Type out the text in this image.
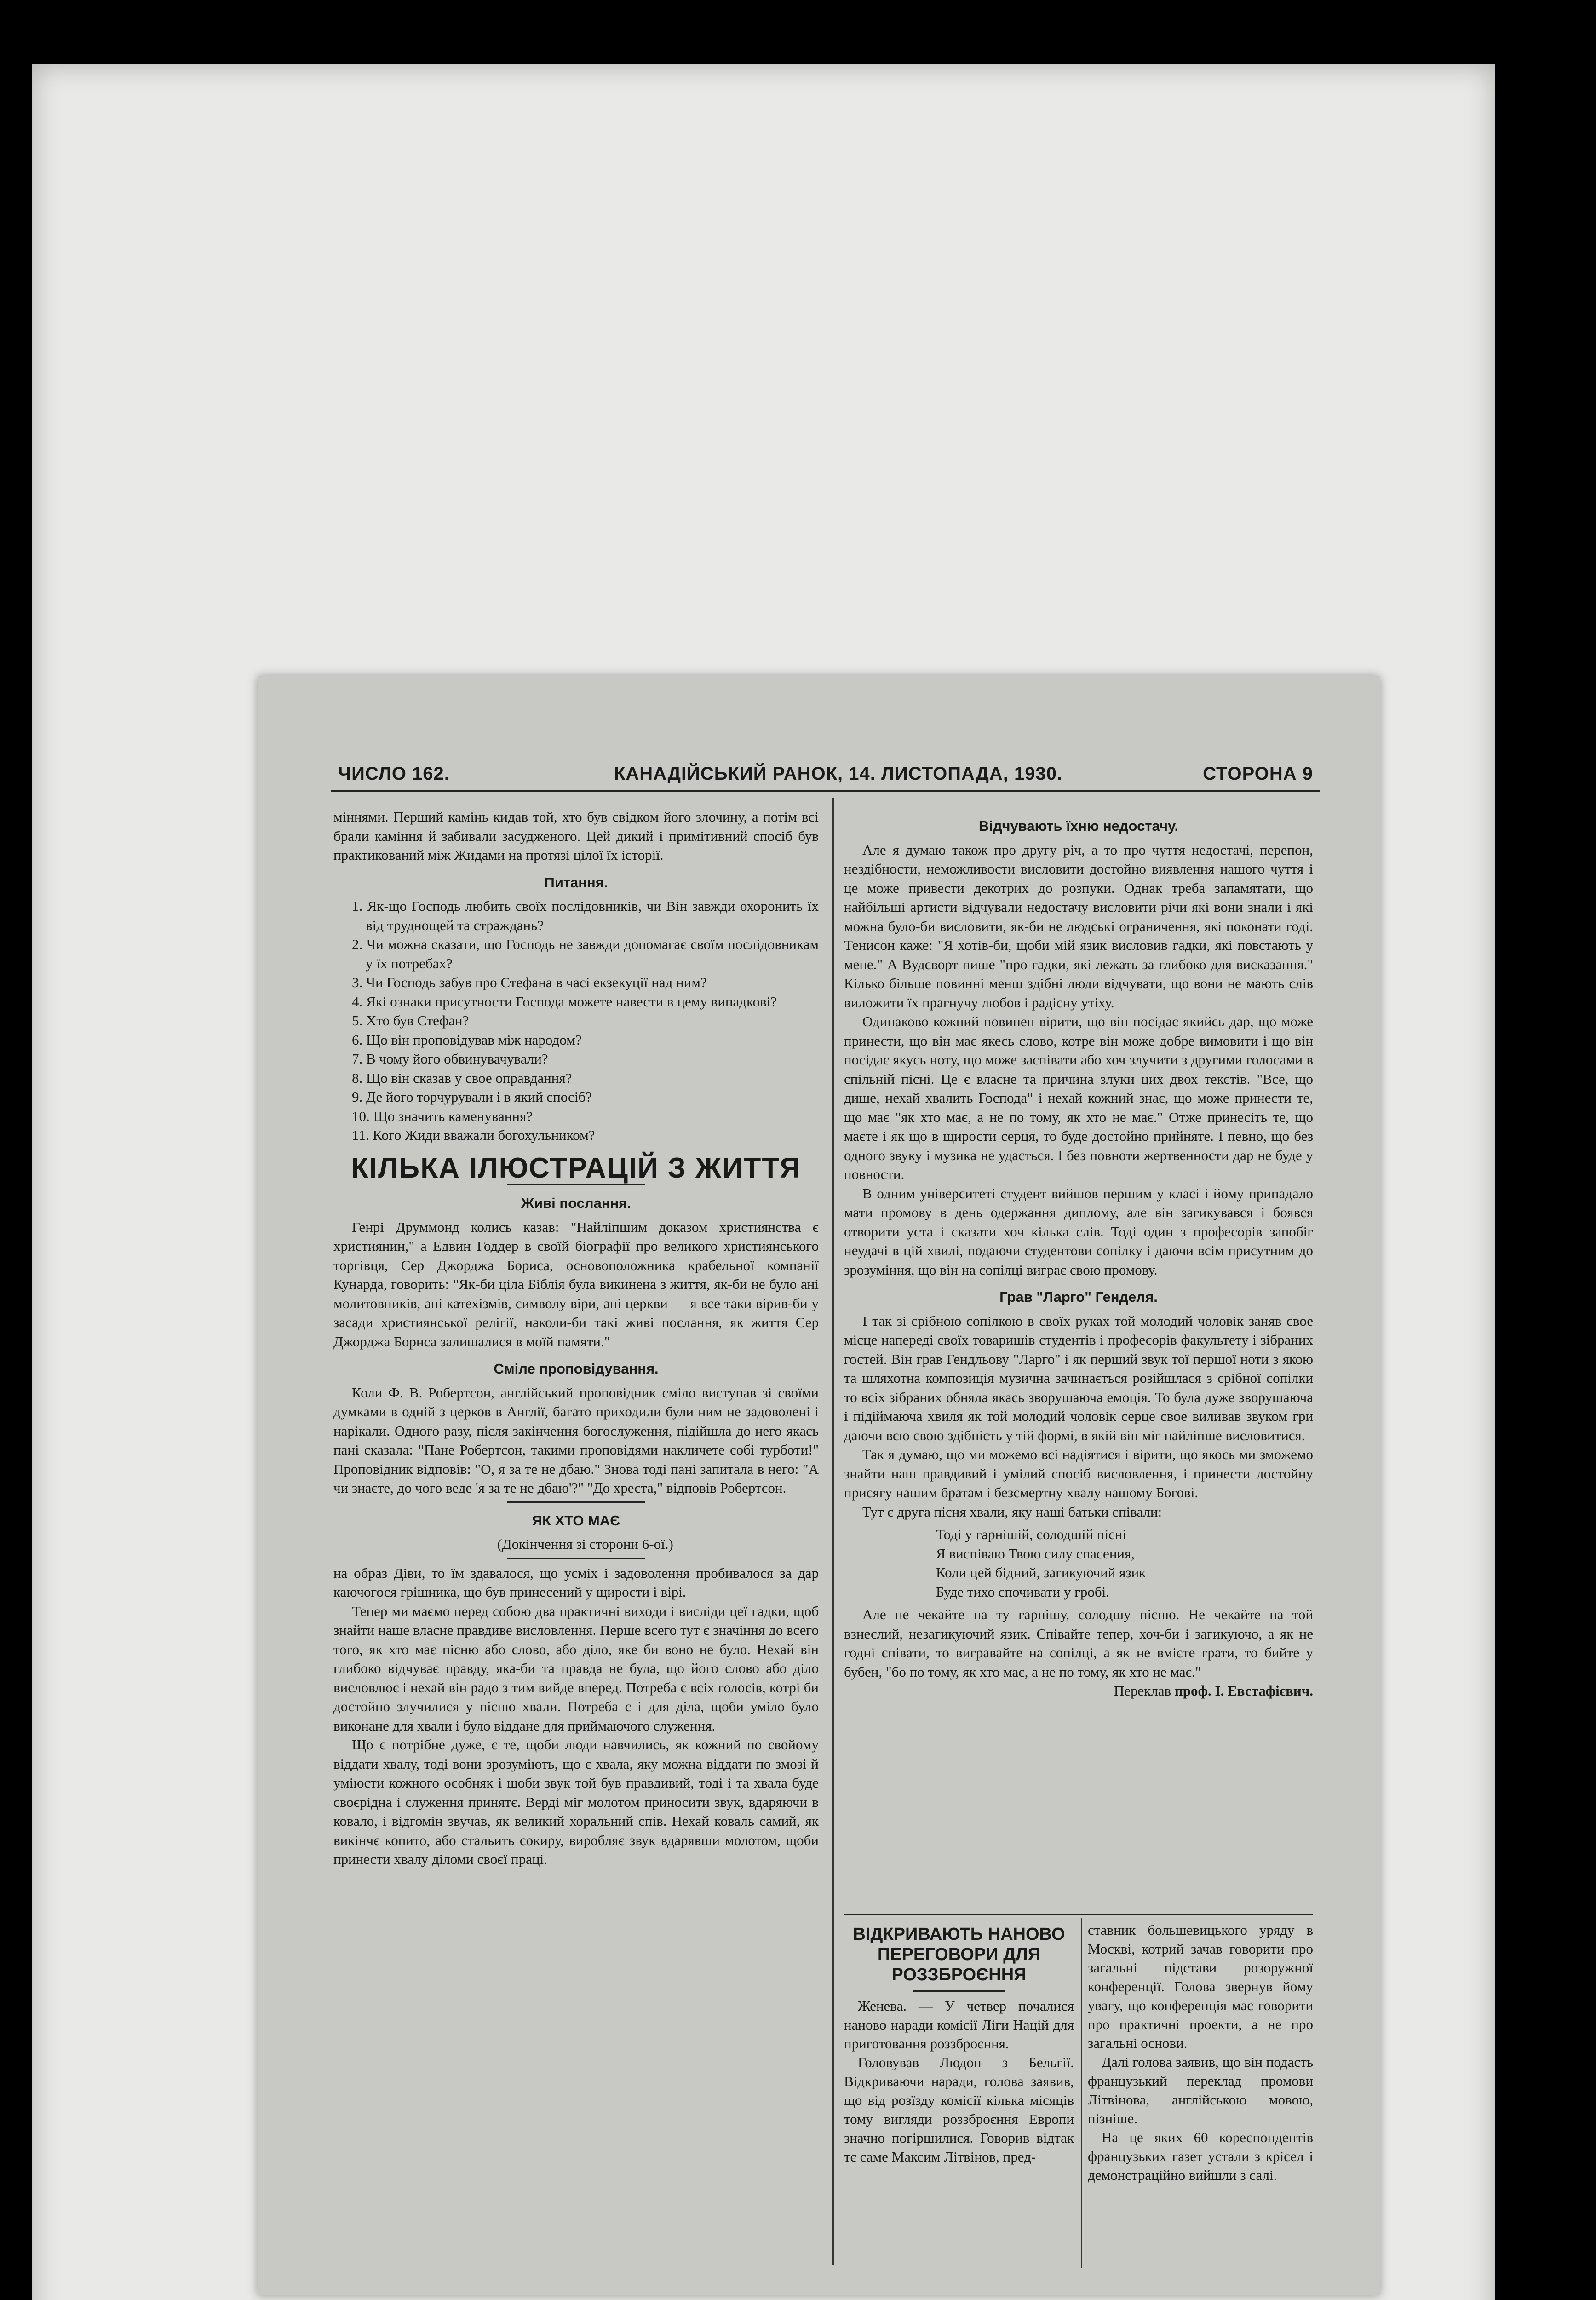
ЧИСЛО 162.	КАНАДІЙСЬКИЙ РАНОК, 14. ЛИСТОПАДА, 1930.	СТОРОНА 9

міннями. Перший камінь кидав той, хто був свідком його злочину, а потім всі брали каміння й забивали засудженого. Цей дикий і примітивний спосіб був практикований між Жидами на протязі цілої їх історії.

Питання.
1. Як-що Господь любить своїх послідовників, чи Він завжди охоронить їх від труднощей та страждань?
2. Чи можна сказати, що Господь не завжди допомагає своїм послідовникам у їх потребах?
3. Чи Господь забув про Стефана в часі екзекуції над ним?
4. Які ознаки присутности Господа можете навести в цему випадкові?
5. Хто був Стефан?
6. Що він проповідував між народом?
7. В чому його обвинувачували?
8. Що він сказав у свое оправдання?
9. Де його торчурували і в який спосіб?
10. Що значить каменування?
11. Кого Жиди вважали богохульником?
КІЛЬКА ІЛЮСТРАЦІЙ З ЖИТТЯ
Живі послання.

Генрі Друммонд колись казав: "Найліпшим доказом християнства є християнин," а Едвин Годдер в своїй біографії про великого християнського торгівця, Сер Джорджа Бориса, основоположника крабельної компанії Кунарда, говорить: "Як-би ціла Біблія була викинена з життя, як-би не було ані молитовників, ані катехізмів, символу віри, ані церкви — я все таки вірив-би у засади християнської релігії, наколи-би такі живі послання, як життя Сер Джорджа Борнса залишалися в моїй памяти."

Сміле проповідування.

Коли Ф. В. Робертсон, англійський проповідник сміло виступав зі своїми думками в одній з церков в Англії, багато приходили були ним не задоволені і нарікали. Одного разу, після закінчення богослуження, підійшла до него якась пані сказала: "Пане Робертсон, такими проповідями накличете собі турботи!" Проповідник відповів: "О, я за те не дбаю." Знова тоді пані запитала в него: "А чи знаєте, до чого веде 'я за те не дбаю'?" "До хреста," відповів Робертсон.

ЯК ХТО МАЄ

(Докінчення зі сторони 6-ої.)

на образ Діви, то їм здавалося, що усміх і задоволення пробивалося за дар каючогося грішника, що був принесений у щирости і вірі.

Тепер ми маємо перед собою два практичні виходи і висліди цеї гадки, щоб знайти наше власне правдиве висловлення. Перше всего тут є значіння до всего того, як хто має пісню або слово, або діло, яке би воно не було. Нехай він глибоко відчуває правду, яка-би та правда не була, що його слово або діло висловлює і нехай він радо з тим вийде вперед. Потреба є всіх голосів, котрі би достойно злучилися у пісню хвали. Потреба є і для діла, щоби уміло було виконане для хвали і було віддане для приймаючого служення.

Що є потрібне дуже, є те, щоби люди навчились, як кожний по свойому віддати хвалу, тоді вони зрозуміють, що є хвала, яку можна віддати по змозі й уміюсти кожного особняк і щоби звук той був правдивий, тоді і та хвала буде своєрідна і служення принятє. Верді міг молотом приносити звук, вдаряючи в ковало, і відгомін звучав, як великий хоральний спів. Нехай коваль самий, як викінчє копито, або стальить сокиру, виробляє звук вдарявши молотом, щоби принести хвалу діломи своєї праці.

Відчувають їхню недостачу.

Але я думаю також про другу річ, а то про чуття недостачі, перепон, нездібности, неможливости висловити достойно виявлення нашого чуття і це може привести декотрих до розпуки. Однак треба запамятати, що найбільші артисти відчували недостачу висловити річи які вони знали і які можна було-би висловити, як-би не людські ограничення, які поконати годі. Тенисон каже: "Я хотів-би, щоби мій язик висловив гадки, які повстають у мене." А Вудсворт пише "про гадки, які лежать за глибоко для висказання." Кілько більше повинні менш здібні люди відчувати, що вони не мають слів вилoжити їх прагнучу любов і радісну утіху.

Одинаково кожний повинен вірити, що він посідає якийсь дар, що може принести, що він має якесь слово, котре він може добре вимовити і що він посідає якусь ноту, що може заспівати або хоч злучити з другими голосами в спільній пісні. Це є власне та причина злуки цих двох текстів. "Все, що дише, нехай хвалить Господа" і нехай кожний знає, що може принести те, що має "як хто має, а не по тому, як хто не має." Отже принесіть те, що маєте і як що в щирости серця, то буде достойно прийняте. І певно, що без одного звуку і музика не удасться. І без повноти жертвенности дар не буде у повности.

В одним університеті студент вийшов першим у класі і йому припадало мати промову в день одержання диплому, але він загикувався і боявся отворити уста і сказати хоч кілька слів. Тоді один з професорів запобіг неудачі в цій хвилі, подаючи студентови сопілку і даючи всім присутним до зрозуміння, що він на сопілці виграє свою промову.

Грав "Ларго" Генделя.

І так зі срібною сопілкою в своїх руках той молодий чоловік заняв свое місце напереді своїх товаришів студентів і професорів факультету і зібраних гостей. Він грав Гендльову "Ларго" і як перший звук тої першої ноти з якою та шляхотна композиція музична зачинається розійшлася з срібної сопілки то всіх зібраних обняла якась зворушаюча емоція. То була дуже зворушаюча і підіймаюча хвиля як той молодий чоловік серце свое виливав звуком гри даючи всю свою здібність у тій формі, в якій він міг найліпше висловитися.

Так я думаю, що ми можемо всі надіятися і вірити, що якось ми зможемо знайти наш правдивий і умілий спосіб висловлення, і принести достойну присягу нашим братам і безсмертну хвалу нашому Богові.

Тут є друга пісня хвали, яку наші батьки співали:

Тоді у гарнішій, солодшій пісні
Я виспіваю Твою силу спасения,
Коли цей бідний, загикуючий язик
Буде тихо спочивати у гробі.

Але не чекайте на ту гарнішу, солодшу пісню. Не чекайте на той взнеслий, незагикуючий язик. Співайте тепер, хоч-би і загикуючо, а як не годні співати, то вигравайте на сопілці, а як не вмієте грати, то бийте у бубен, "бо по тому, як хто має, а не по тому, як хто не має."

Переклав проф. І. Евстафієвич.

ВІДКРИВАЮТЬ НАНОВО ПЕРЕГОВОРИ ДЛЯ РОЗЗБРОЄННЯ

Женева. — У четвер почалися наново наради комісії Ліги Націй для приготовання роззброєння.

Головував Людон з Бельгії. Відкриваючи наради, голова заявив, що від розїзду комісії кілька місяців тому вигляди роззброєння Европи значно погіршилися. Говорив відтак тє саме Максим Літвінов, пред-

ставник большевицького уряду в Москві, котрий зачав говорити про загальні підстави розоружної конференції. Голова звернув йому увагу, що конференція має говорити про практичні проекти, а не про загальні основи.

Далі голова заявив, що він подасть французький переклад промови Літвінова, англійською мовою, пізніше.

На це яких 60 кореспондентів французьких газет устали з крісел і демонстраційно вийшли з салі.
